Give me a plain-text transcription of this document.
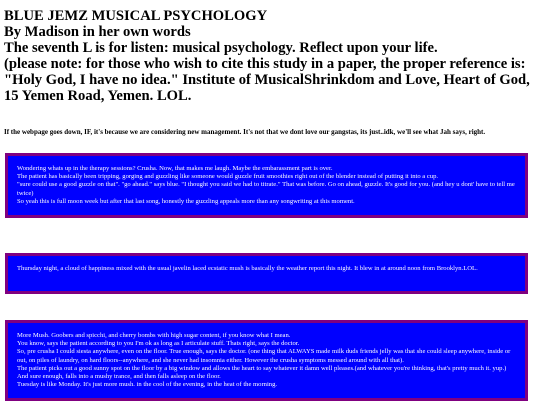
BLUE JEMZ MUSICAL PSYCHOLOGY
By Madison in her own words
The seventh L is for listen: musical psychology. Reflect upon your life.
(please note: for those who wish to cite this study in a paper, the proper reference is: "Holy God, I have no idea." Institute of MusicalShrinkdom and Love, Heart of God, 15 Yemen Road, Yemen. LOL.
If the webpage goes down, IF, it's because we are considering new management. It's not that we dont love our gangstas, its just..idk, we'll see what Jah says, right.

Wondering whats up in the therapy sessions? Crusha. Now, that makes me laugh. Maybe the embarassment part is over.

The patient has basically been tripping, gorging and guzzling like someone would guzzle fruit smoothies right out of the blender instead of putting it into a cup.

"sure could use a good guzzle on that". "go ahead." says blue. "I thought you said we had to titrate." That was before. Go on ahead, guzzle. It's good for you. (and hey u dont' have to tell me twice)

So yeah this is full moon week but after that last song, honestly the guzzling appeals more than any songwriting at this moment.

Thursday night, a cloud of happiness mixed with the usual javelin laced ecstatic mush is basically the weather report this night. It blew in at around noon from Brooklyn.LOL.

More Mush. Goobers and spicchi, and cherry bombs with high sugar content, if you know what I mean.

You know, says the patient according to you I'm ok as long as I articulate stuff. Thats right, says the doctor.

So, pre crusha I could siesta anywhere, even on the floor. True enough, says the doctor. (one thing that ALWAYS made milk duds friends jelly was that she could sleep anywhere, inside or out, on piles of laundry, on hard floors--anywhere, and she never had insomnia either. However the crusha symptoms messed around with all that).

The patient picks out a good sunny spot on the floor by a big window and allows the heart to say whatever it damn well pleases.(and whatever you're thinking, that's pretty much it. yup.) And sure enough, falls into a mushy trance, and then falls asleep on the floor.

Tuesday is like Monday. It's just more mush. in the cool of the evening, in the heat of the morning.
